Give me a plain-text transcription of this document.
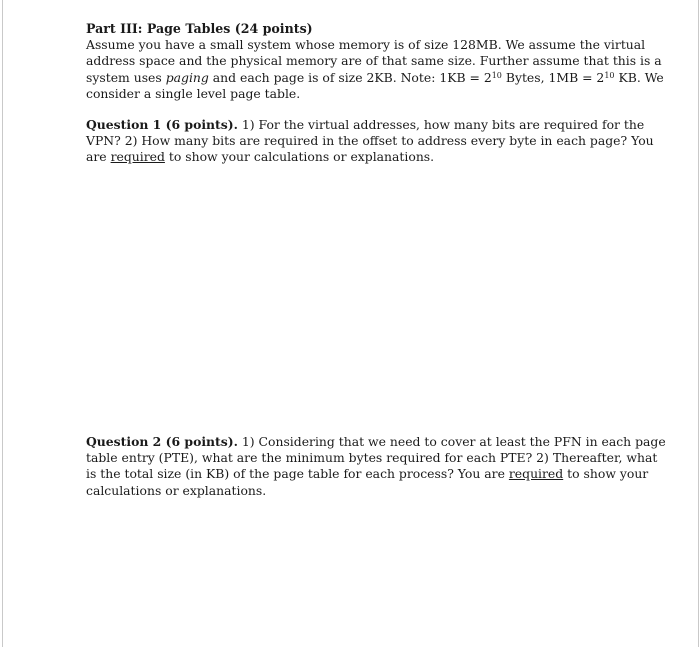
Part III: Page Tables (24 points)
Assume you have a small system whose memory is of size 128MB. We assume the virtual
address space and the physical memory are of that same size. Further assume that this is a
system uses paging and each page is of size 2KB. Note: $1KB = 2^{10}$ Bytes, $1MB = 2^{10}$ KB. We
consider a single level page table.
Question 1 (6 points). 1) For the virtual addresses, how many bits are required for the
VPN? 2) How many bits are required in the offset to address every byte in each page? You
are required to show your calculations or explanations.
Question 2 (6 points). 1) Considering that we need to cover at least the PFN in each page
table entry (PTE), what are the minimum bytes required for each PTE? 2) Thereafter, what
is the total size (in KB) of the page table for each process? You are required to show your
calculations or explanations.
